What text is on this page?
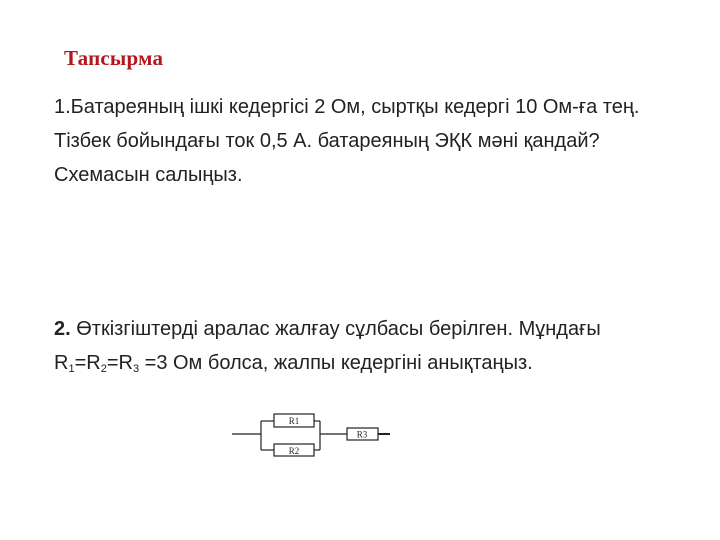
Тапсырма
1.Батареяның ішкі кедергісі 2 Ом, сыртқы кедергі 10 Ом-ға тең. Тізбек бойындағы ток 0,5 А. батареяның ЭҚК мәні қандай? Схемасын салыңыз.
2. Өткізгіштерді аралас жалғау сұлбасы берілген. Мұндағы $R_1=R_2=R_3 =3$ Ом болса, жалпы кедергіні анықтаңыз.
R1
R2
R3
